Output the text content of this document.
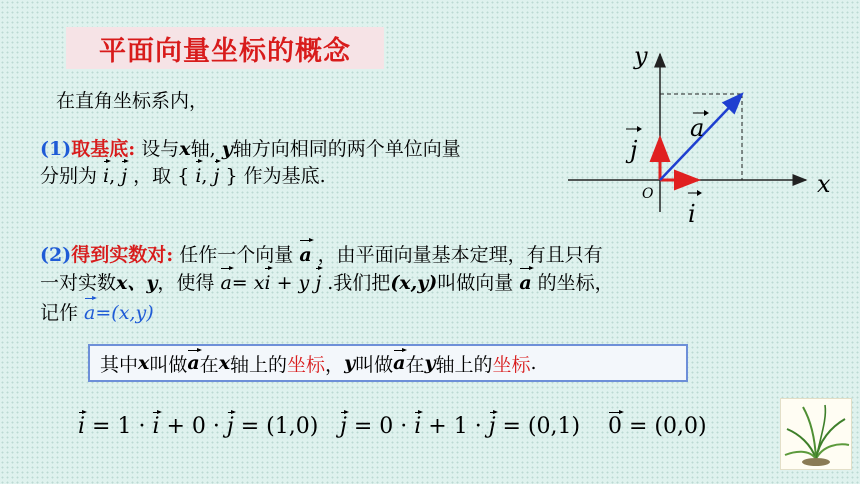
平面向量坐标的概念
在直角坐标系内，
(1)取基底: 设与x轴, y轴方向相同的两个单位向量
分别为 i, j ，取 { i, j } 作为基底.	x
y
O
a
i
j
(2)得到实数对: 任作一个向量 a ，由平面向量基本定理，有且只有
一对实数x、y，使得 a= xi + y j .我们把(x,y)叫做向量 a 的坐标，
记作 a=(x,y)
其中 x 叫做 a 在 x 轴上的 坐标 ， y 叫做 a 在 y 轴上的 坐标 .
i = 1 · i + 0 · j = (1,0) j = 0 · i + 1 · j = (0,1) 0 = (0,0)
